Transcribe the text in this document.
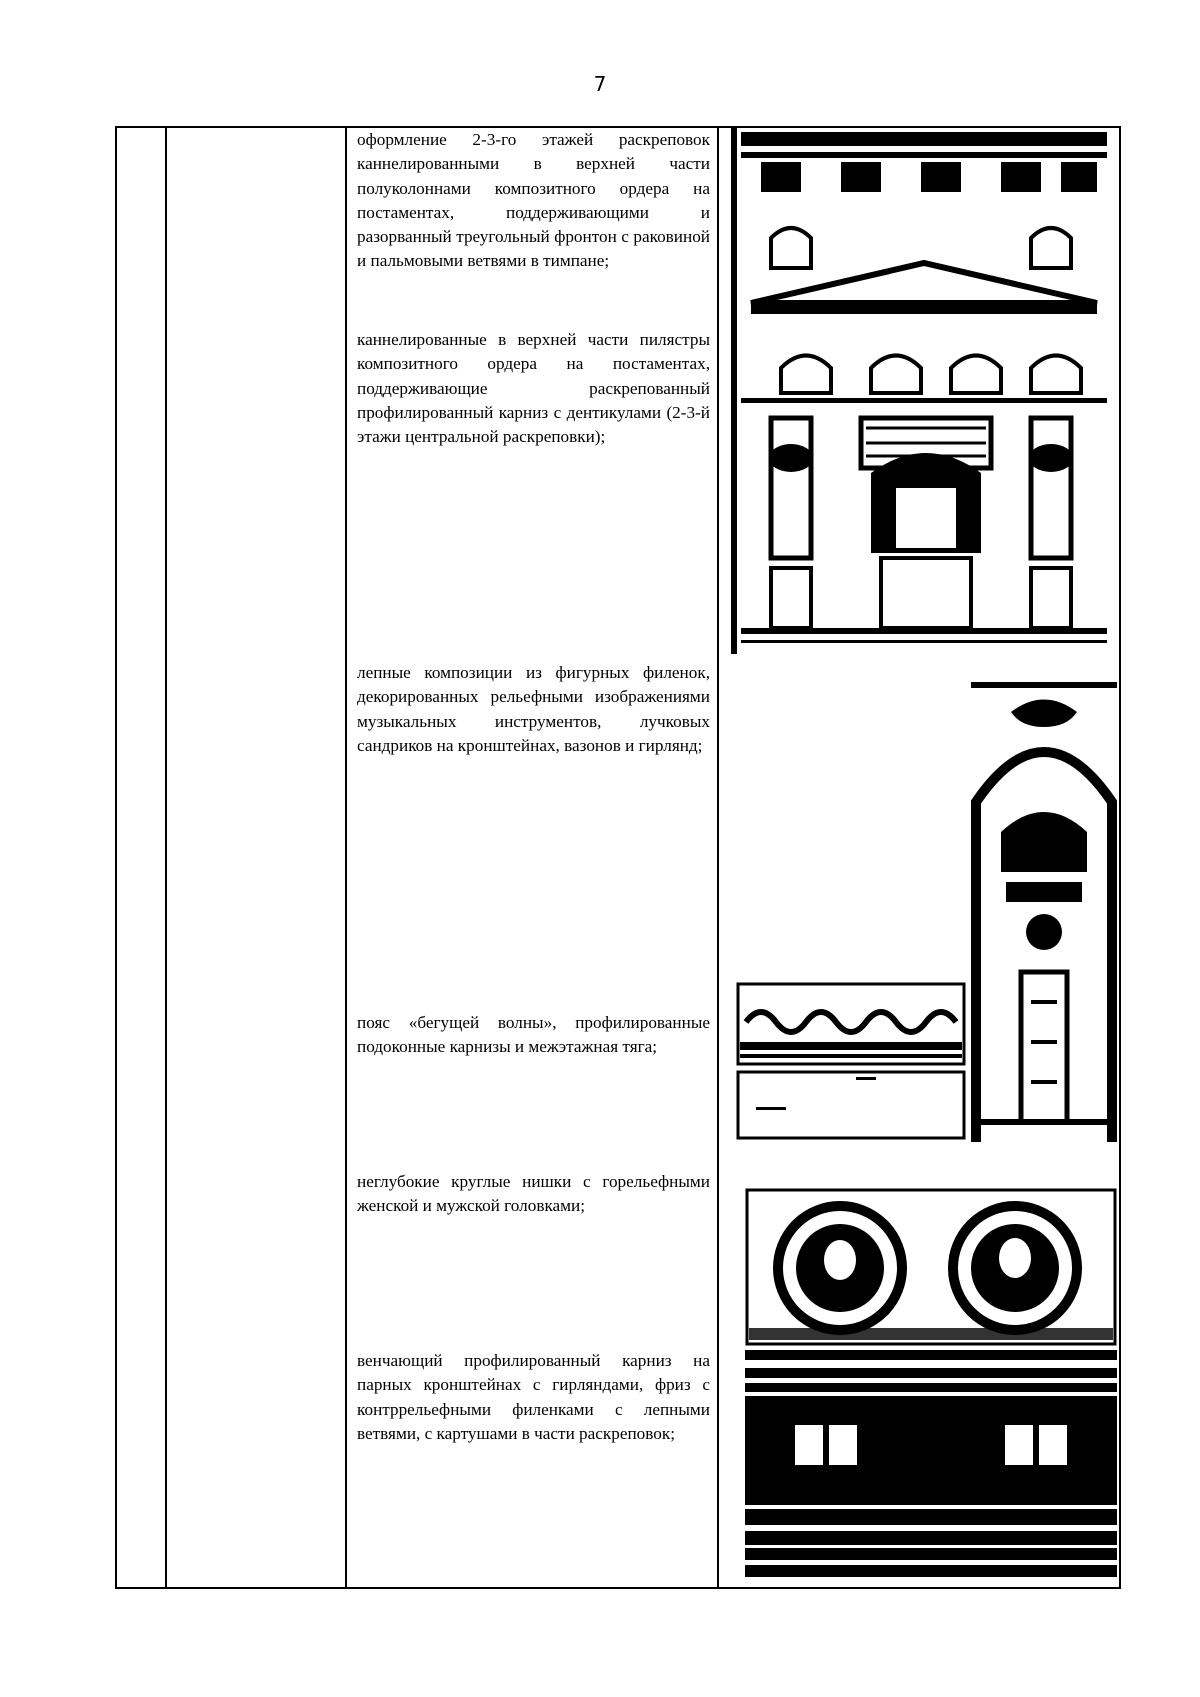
7
оформление 2-3-го этажей раскреповок каннелированными в верхней части полуколоннами композитного ордера на постаментах, поддерживающими и разорванный треугольный фронтон с раковиной и пальмовыми ветвями в тимпане;
каннелированные в верхней части пилястры композитного ордера на постаментах, поддерживающие раскрепованный профилированный карниз с дентикулами (2-3-й этажи центральной раскреповки);
лепные композиции из фигурных филенок, декорированных рельефными изображениями музыкальных инструментов, лучковых сандриков на кронштейнах, вазонов и гирлянд;
пояс «бегущей волны», профилированные подоконные карнизы и межэтажная тяга;
неглубокие круглые нишки с горельефными женской и мужской головками;
венчающий профилированный карниз на парных кронштейнах с гирляндами, фриз с контррельефными филенками с лепными ветвями, с картушами в части раскреповок;
